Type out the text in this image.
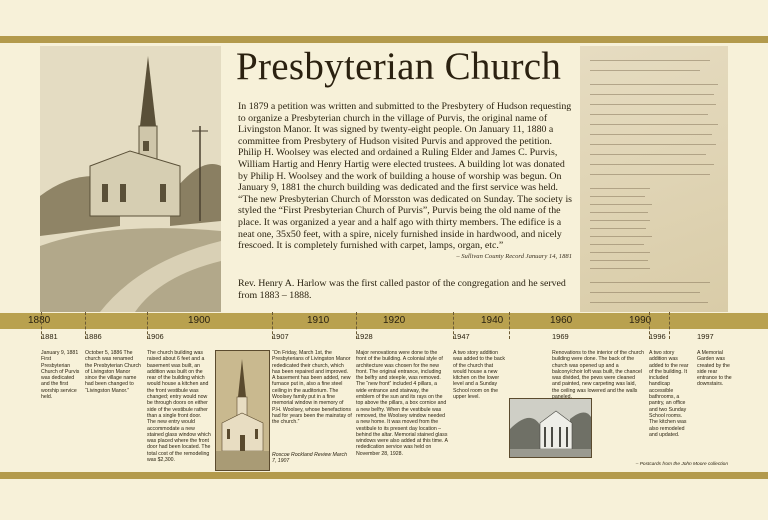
Presbyterian Church

In 1879 a petition was written and submitted to the Presbytery of Hudson requesting to organize a Presbyterian church in the village of Purvis, the original name of Livingston Manor. It was signed by twenty-eight people. On January 11, 1880 a committee from Presbytery of Hudson visited Purvis and approved the petition. Philip H. Woolsey was elected and ordained a Ruling Elder and James C. Purvis, William Hartig and Henry Hartig were elected trustees. A building lot was donated by Philip H. Woolsey and the work of building a house of worship was begun. On January 9, 1881 the church building was dedicated and the first service was held. “The new Presbyterian Church of Morsston was dedicated on Sunday. The society is styled the “First Presbyterian Church of Purvis”, Purvis being the old name of the place. It was organized a year and a half ago with thirty members. The edifice is a neat one, 35x50 feet, with a spire, nicely furnished inside in hardwood, and nicely frescoed. It is completely furnished with carpet, lamps, organ, etc.”

– Sullivan County Record January 14, 1881
Rev. Henry A. Harlow was the first called pastor of the congregation and he served from 1883 – 1888.
1880	1900	1910	1920	1940	1960	1990
1881
January 9, 1881 First Presbyterian Church of Purvis was dedicated and the first worship service held.
1886
October 5, 1886 The church was renamed the Presbyterian Church of Livingston Manor since the village name had been changed to “Livingston Manor.”
1906
The church building was raised about 6 feet and a basement was built, an addition was built on the rear of the building which would house a kitchen and the front vestibule was changed; entry would now be through doors on either side of the vestibule rather than a single front door. The new entry would accommodate a new stained glass window which was placed where the front door had been located. The total cost of the remodeling was $2,300.
1907
“On Friday, March 1st, the Presbyterians of Livingston Manor rededicated their church, which has been repaired and improved. A basement has been added, new furnace put in, also a fine steel ceiling in the auditorium. The Woolsey family put in a fine memorial window in memory of P.H. Woolsey, whose benefactions had for years been the mainstay of the church.”
Roscoe Rockland Review March 7, 1907
1928
Major renovations were done to the front of the building. A colonial style of architecture was chosen for the new front. The original entrance, including the belfry and steeple, was removed. The “new front” included 4 pillars, a wide entrance and stairway, the emblem of the sun and its rays on the top above the pillars, a box cornice and a new belfry. When the vestibule was removed, the Woolsey window needed a new home. It was moved from the vestibule to its present day location – behind the altar. Memorial stained glass windows were also added at this time. A rededication service was held on November 28, 1928.
1947
A two story addition was added to the back of the church that would house a new kitchen on the lower level and a Sunday School room on the upper level.
1969
Renovations to the interior of the church building were done. The back of the church was opened up and a balcony/choir loft was built, the chancel was divided, the pews were cleaned and painted, new carpeting was laid, the ceiling was lowered and the walls paneled.
1996
A two story addition was added to the rear of the building. It included handicap accessible bathrooms, a pantry, an office and two Sunday School rooms. The kitchen was also remodeled and updated.
1997
A Memorial Garden was created by the side rear entrance to the downstairs.
– Postcards from the John Moore collection
